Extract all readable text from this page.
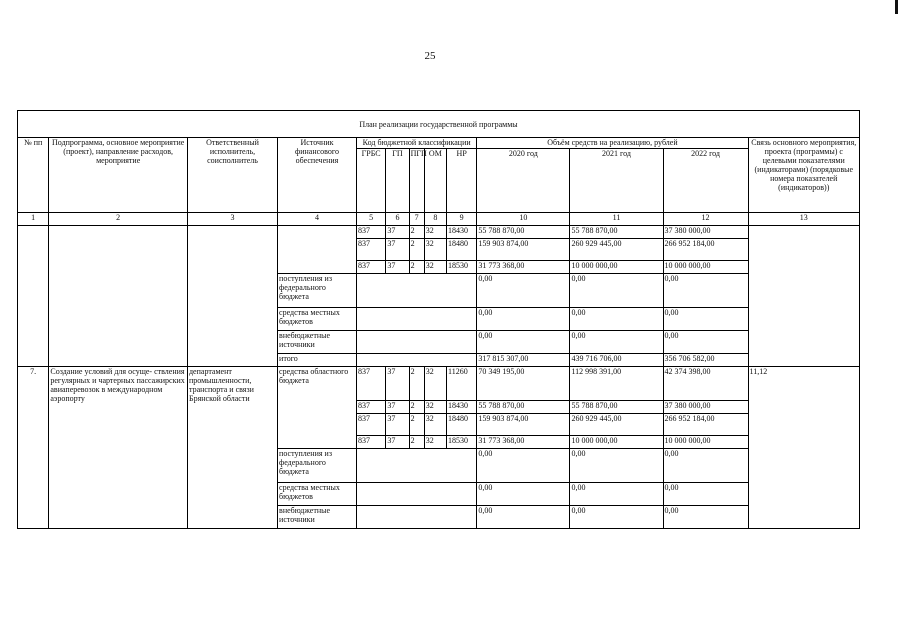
25
План реализации государственной программы												
№ пп	Подпрограмма, основное мероприятие (проект), направление расходов, мероприятие	Ответственный исполнитель, соисполнитель	Источник финансового обеспечения	Код бюджетной классификации					Объём средств на реализацию, рублей			Связь основного мероприятия, проекта (программы) с целевыми показателями (индикаторами) (порядковые номера показателей (индикаторов))
				ГРБС	ГП	ПГП	ОМ	НР	2020 год	2021 год	2022 год	
1	2	3	4	5	6	7	8	9	10	11	12	13
				837	37	2	32	18430	55 788 870,00	55 788 870,00	37 380 000,00	
				837	37	2	32	18480	159 903 874,00	260 929 445,00	266 952 184,00	
				837	37	2	32	18530	31 773 368,00	10 000 000,00	10 000 000,00	
			поступления из федерального бюджета						0,00	0,00	0,00	
			средства местных бюджетов						0,00	0,00	0,00	
			внебюджетные источники						0,00	0,00	0,00	
			итого						317 815 307,00	439 716 706,00	356 706 582,00	
7.	Создание условий для осуще- ствления регулярных и чартерных пассажирских авиаперевозок в международном аэропорту	департамент промышленности, транспорта и связи Брянской области	средства областного бюджета	837	37	2	32	11260	70 349 195,00	112 998 391,00	42 374 398,00	11,12
				837	37	2	32	18430	55 788 870,00	55 788 870,00	37 380 000,00	
				837	37	2	32	18480	159 903 874,00	260 929 445,00	266 952 184,00	
				837	37	2	32	18530	31 773 368,00	10 000 000,00	10 000 000,00	
			поступления из федерального бюджета						0,00	0,00	0,00	
			средства местных бюджетов						0,00	0,00	0,00	
			внебюджетные источники						0,00	0,00	0,00	
